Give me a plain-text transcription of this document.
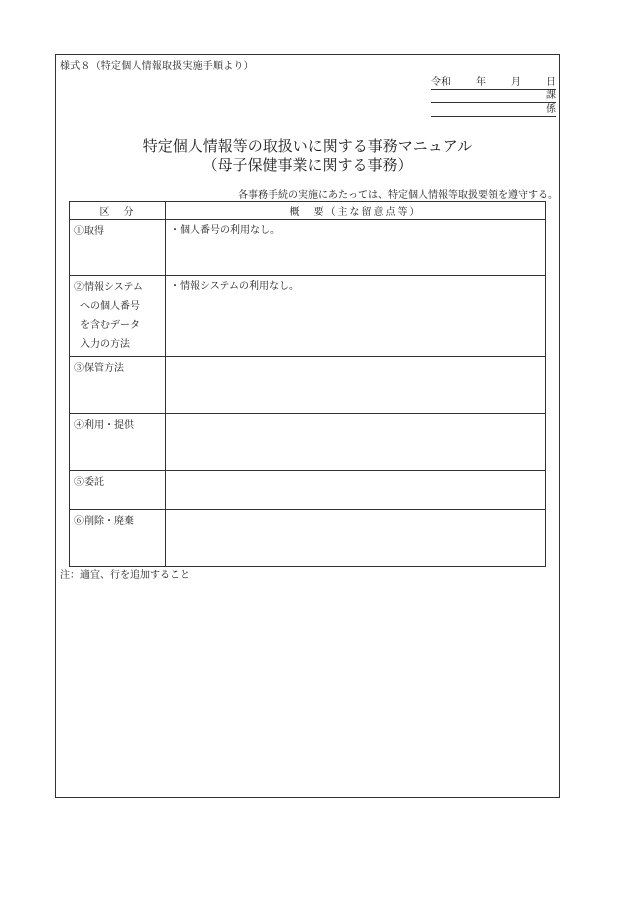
様式８（特定個人情報取扱実施手順より）
令和	年	月	日
課
係
特定個人情報等の取扱いに関する事務マニュアル
（母子保健事業に関する事務）
各事務手続の実施にあたっては、特定個人情報等取扱要領を遵守する。
区　分	概　要（主な留意点等）
①取得	・個人番号の利用なし。
②情報システム
への個人番号
を含むデータ
入力の方法	・情報システムの利用なし。
③保管方法	
④利用・提供	
⑤委託	
⑥削除・廃棄	
注：適宜、行を追加すること
